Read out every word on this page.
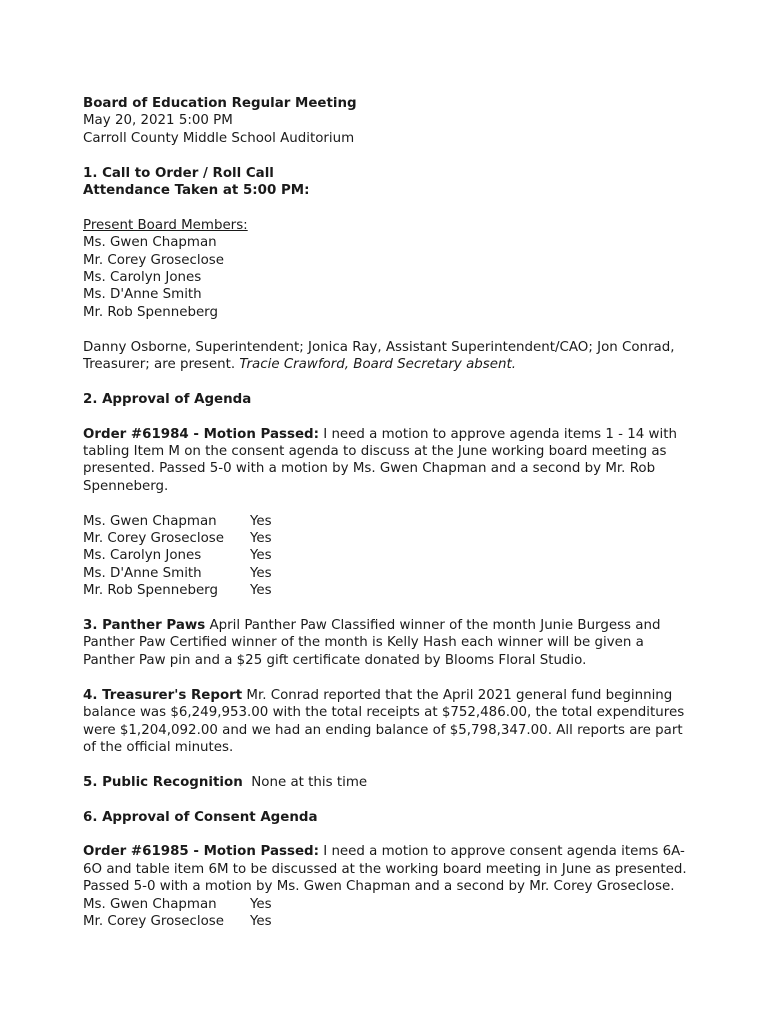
Board of Education Regular Meeting
May 20, 2021 5:00 PM
Carroll County Middle School Auditorium
1. Call to Order / Roll Call
Attendance Taken at 5:00 PM:
Present Board Members:
Ms. Gwen Chapman
Mr. Corey Groseclose
Ms. Carolyn Jones
Ms. D'Anne Smith
Mr. Rob Spenneberg

Danny Osborne, Superintendent; Jonica Ray, Assistant Superintendent/CAO; Jon Conrad, Treasurer; are present. Tracie Crawford, Board Secretary absent.

2. Approval of Agenda

Order #61984 - Motion Passed: I need a motion to approve agenda items 1 - 14 with tabling Item M on the consent agenda to discuss at the June working board meeting as presented. Passed 5-0 with a motion by Ms. Gwen Chapman and a second by Mr. Rob Spenneberg.

Ms. Gwen Chapman	Yes
Mr. Corey Groseclose	Yes
Ms. Carolyn Jones	Yes
Ms. D'Anne Smith	Yes
Mr. Rob Spenneberg	Yes

3. Panther Paws April Panther Paw Classified winner of the month Junie Burgess and Panther Paw Certified winner of the month is Kelly Hash each winner will be given a Panther Paw pin and a $25 gift certificate donated by Blooms Floral Studio.

4. Treasurer's Report Mr. Conrad reported that the April 2021 general fund beginning balance was $6,249,953.00 with the total receipts at $752,486.00, the total expenditures were $1,204,092.00 and we had an ending balance of $5,798,347.00. All reports are part of the official minutes.

5. Public Recognition  None at this time

6. Approval of Consent Agenda

Order #61985 - Motion Passed: I need a motion to approve consent agenda items 6A-6O and table item 6M to be discussed at the working board meeting in June as presented. Passed 5-0 with a motion by Ms. Gwen Chapman and a second by Mr. Corey Groseclose.

Ms. Gwen Chapman	Yes
Mr. Corey Groseclose	Yes
